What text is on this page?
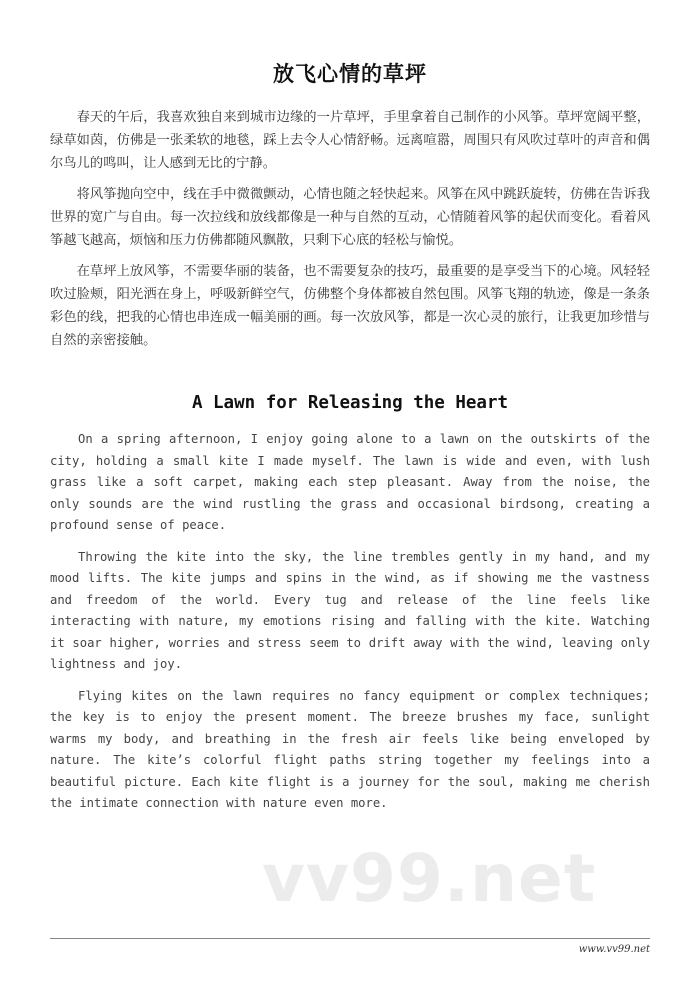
放飞心情的草坪

春天的午后，我喜欢独自来到城市边缘的一片草坪，手里拿着自己制作的小风筝。草坪宽阔平整，绿草如茵，仿佛是一张柔软的地毯，踩上去令人心情舒畅。远离喧嚣，周围只有风吹过草叶的声音和偶尔鸟儿的鸣叫，让人感到无比的宁静。

将风筝抛向空中，线在手中微微颤动，心情也随之轻快起来。风筝在风中跳跃旋转，仿佛在告诉我世界的宽广与自由。每一次拉线和放线都像是一种与自然的互动，心情随着风筝的起伏而变化。看着风筝越飞越高，烦恼和压力仿佛都随风飘散，只剩下心底的轻松与愉悦。

在草坪上放风筝，不需要华丽的装备，也不需要复杂的技巧，最重要的是享受当下的心境。风轻轻吹过脸颊，阳光洒在身上，呼吸新鲜空气，仿佛整个身体都被自然包围。风筝飞翔的轨迹，像是一条条彩色的线，把我的心情也串连成一幅美丽的画。每一次放风筝，都是一次心灵的旅行，让我更加珍惜与自然的亲密接触。

A Lawn for Releasing the Heart

On a spring afternoon, I enjoy going alone to a lawn on the outskirts of the city, holding a small kite I made myself. The lawn is wide and even, with lush grass like a soft carpet, making each step pleasant. Away from the noise, the only sounds are the wind rustling the grass and occasional birdsong, creating a profound sense of peace.

Throwing the kite into the sky, the line trembles gently in my hand, and my mood lifts. The kite jumps and spins in the wind, as if showing me the vastness and freedom of the world. Every tug and release of the line feels like interacting with nature, my emotions rising and falling with the kite. Watching it soar higher, worries and stress seem to drift away with the wind, leaving only lightness and joy.

Flying kites on the lawn requires no fancy equipment or complex techniques; the key is to enjoy the present moment. The breeze brushes my face, sunlight warms my body, and breathing in the fresh air feels like being enveloped by nature. The kite’s colorful flight paths string together my feelings into a beautiful picture. Each kite flight is a journey for the soul, making me cherish the intimate connection with nature even more.

vv99.net
www.vv99.net
